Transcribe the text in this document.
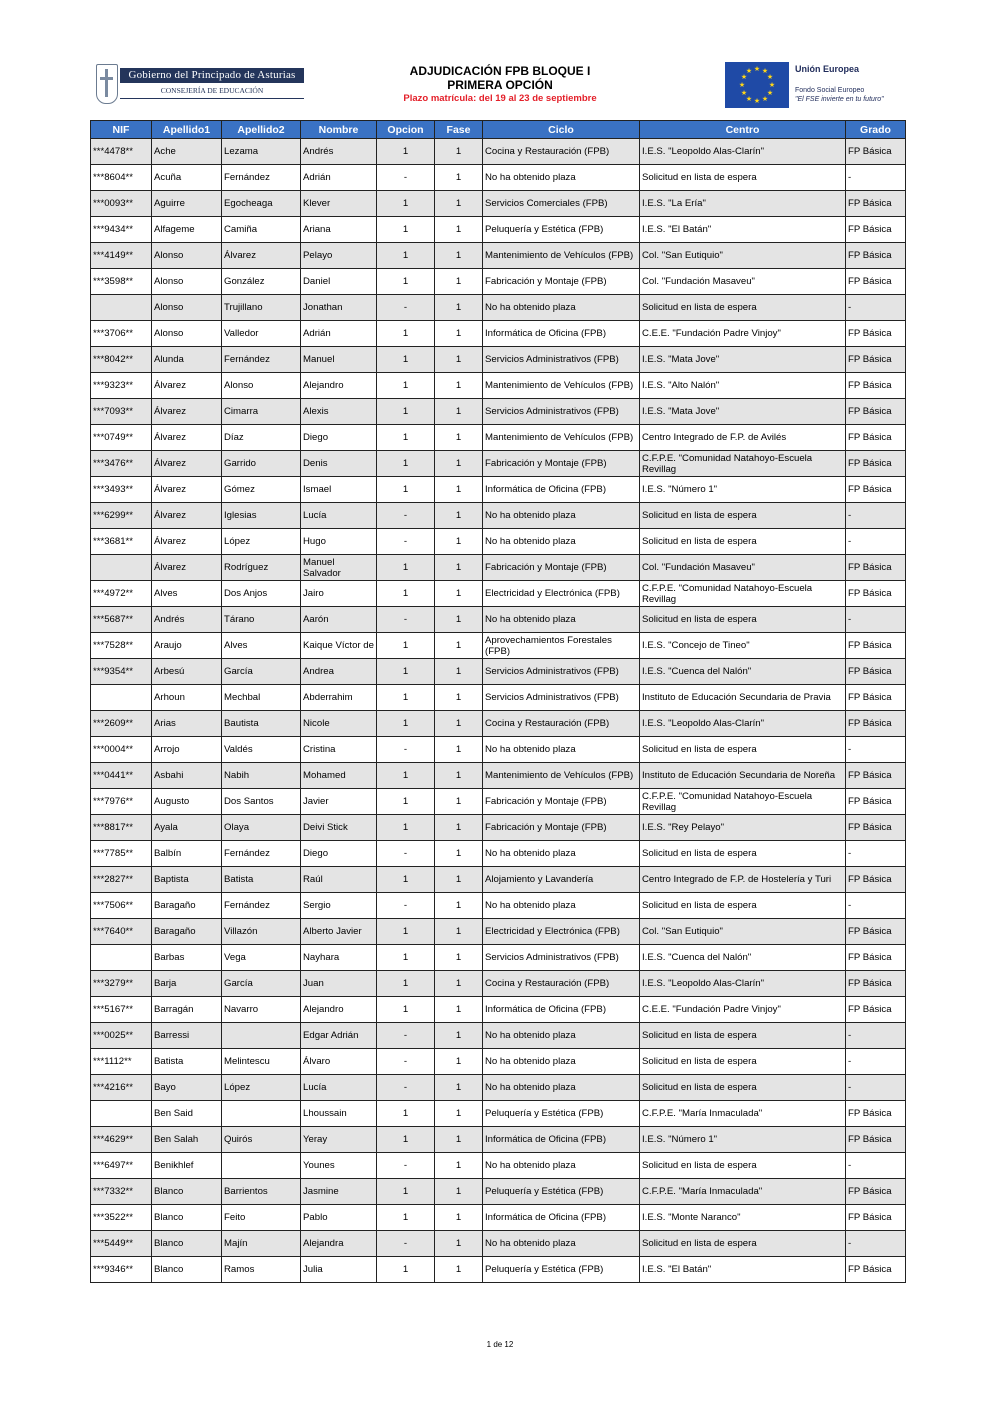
Gobierno del Principado de Asturias
CONSEJERÍA DE EDUCACIÓN
ADJUDICACIÓN FPB BLOQUE I
PRIMERA OPCIÓN
Plazo matrícula: del 19 al 23 de septiembre
★ ★
★
★
★
★
★
★
★
★
★
★	Unión Europea
Fondo Social Europeo
"El FSE invierte en tu futuro"
NIF	Apellido1	Apellido2	Nombre	Opcion	Fase	Ciclo	Centro	Grado
***4478**	Ache	Lezama	Andrés	1	1	Cocina y Restauración (FPB)	I.E.S. "Leopoldo Alas-Clarín"	FP Básica
***8604**	Acuña	Fernández	Adrián	-	1	No ha obtenido plaza	Solicitud en lista de espera	-
***0093**	Aguirre	Egocheaga	Klever	1	1	Servicios Comerciales (FPB)	I.E.S. "La Ería"	FP Básica
***9434**	Alfageme	Camiña	Ariana	1	1	Peluquería y Estética (FPB)	I.E.S. "El Batán"	FP Básica
***4149**	Alonso	Álvarez	Pelayo	1	1	Mantenimiento de Vehículos (FPB)	Col. "San Eutiquio"	FP Básica
***3598**	Alonso	González	Daniel	1	1	Fabricación y Montaje (FPB)	Col. "Fundación Masaveu"	FP Básica
	Alonso	Trujillano	Jonathan	-	1	No ha obtenido plaza	Solicitud en lista de espera	-
***3706**	Alonso	Valledor	Adrián	1	1	Informática de Oficina (FPB)	C.E.E. "Fundación Padre Vinjoy"	FP Básica
***8042**	Alunda	Fernández	Manuel	1	1	Servicios Administrativos (FPB)	I.E.S. "Mata Jove"	FP Básica
***9323**	Álvarez	Alonso	Alejandro	1	1	Mantenimiento de Vehículos (FPB)	I.E.S. "Alto Nalón"	FP Básica
***7093**	Álvarez	Cimarra	Alexis	1	1	Servicios Administrativos (FPB)	I.E.S. "Mata Jove"	FP Básica
***0749**	Álvarez	Díaz	Diego	1	1	Mantenimiento de Vehículos (FPB)	Centro Integrado de F.P. de Avilés	FP Básica
***3476**	Álvarez	Garrido	Denis	1	1	Fabricación y Montaje (FPB)	C.F.P.E. "Comunidad Natahoyo-Escuela Revillag	FP Básica
***3493**	Álvarez	Gómez	Ismael	1	1	Informática de Oficina (FPB)	I.E.S. "Número 1"	FP Básica
***6299**	Álvarez	Iglesias	Lucía	-	1	No ha obtenido plaza	Solicitud en lista de espera	-
***3681**	Álvarez	López	Hugo	-	1	No ha obtenido plaza	Solicitud en lista de espera	-
	Álvarez	Rodríguez	Manuel Salvador	1	1	Fabricación y Montaje (FPB)	Col. "Fundación Masaveu"	FP Básica
***4972**	Alves	Dos Anjos	Jairo	1	1	Electricidad y Electrónica (FPB)	C.F.P.E. "Comunidad Natahoyo-Escuela Revillag	FP Básica
***5687**	Andrés	Tárano	Aarón	-	1	No ha obtenido plaza	Solicitud en lista de espera	-
***7528**	Araujo	Alves	Kaique Víctor de	1	1	Aprovechamientos Forestales (FPB)	I.E.S. "Concejo de Tineo"	FP Básica
***9354**	Arbesú	García	Andrea	1	1	Servicios Administrativos (FPB)	I.E.S. "Cuenca del Nalón"	FP Básica
	Arhoun	Mechbal	Abderrahim	1	1	Servicios Administrativos (FPB)	Instituto de Educación Secundaria de Pravia	FP Básica
***2609**	Arias	Bautista	Nicole	1	1	Cocina y Restauración (FPB)	I.E.S. "Leopoldo Alas-Clarín"	FP Básica
***0004**	Arrojo	Valdés	Cristina	-	1	No ha obtenido plaza	Solicitud en lista de espera	-
***0441**	Asbahi	Nabih	Mohamed	1	1	Mantenimiento de Vehículos (FPB)	Instituto de Educación Secundaria de Noreña	FP Básica
***7976**	Augusto	Dos Santos	Javier	1	1	Fabricación y Montaje (FPB)	C.F.P.E. "Comunidad Natahoyo-Escuela Revillag	FP Básica
***8817**	Ayala	Olaya	Deivi Stick	1	1	Fabricación y Montaje (FPB)	I.E.S. "Rey Pelayo"	FP Básica
***7785**	Balbín	Fernández	Diego	-	1	No ha obtenido plaza	Solicitud en lista de espera	-
***2827**	Baptista	Batista	Raúl	1	1	Alojamiento y Lavandería	Centro Integrado de F.P. de Hostelería y Turi	FP Básica
***7506**	Baragaño	Fernández	Sergio	-	1	No ha obtenido plaza	Solicitud en lista de espera	-
***7640**	Baragaño	Villazón	Alberto Javier	1	1	Electricidad y Electrónica (FPB)	Col. "San Eutiquio"	FP Básica
	Barbas	Vega	Nayhara	1	1	Servicios Administrativos (FPB)	I.E.S. "Cuenca del Nalón"	FP Básica
***3279**	Barja	García	Juan	1	1	Cocina y Restauración (FPB)	I.E.S. "Leopoldo Alas-Clarín"	FP Básica
***5167**	Barragán	Navarro	Alejandro	1	1	Informática de Oficina (FPB)	C.E.E. "Fundación Padre Vinjoy"	FP Básica
***0025**	Barressi		Edgar Adrián	-	1	No ha obtenido plaza	Solicitud en lista de espera	-
***1112**	Batista	Melintescu	Álvaro	-	1	No ha obtenido plaza	Solicitud en lista de espera	-
***4216**	Bayo	López	Lucía	-	1	No ha obtenido plaza	Solicitud en lista de espera	-
	Ben Said		Lhoussain	1	1	Peluquería y Estética (FPB)	C.F.P.E. "María Inmaculada"	FP Básica
***4629**	Ben Salah	Quirós	Yeray	1	1	Informática de Oficina (FPB)	I.E.S. "Número 1"	FP Básica
***6497**	Benikhlef		Younes	-	1	No ha obtenido plaza	Solicitud en lista de espera	-
***7332**	Blanco	Barrientos	Jasmine	1	1	Peluquería y Estética (FPB)	C.F.P.E. "María Inmaculada"	FP Básica
***3522**	Blanco	Feito	Pablo	1	1	Informática de Oficina (FPB)	I.E.S. "Monte Naranco"	FP Básica
***5449**	Blanco	Majín	Alejandra	-	1	No ha obtenido plaza	Solicitud en lista de espera	-
***9346**	Blanco	Ramos	Julia	1	1	Peluquería y Estética (FPB)	I.E.S. "El Batán"	FP Básica
1 de 12
